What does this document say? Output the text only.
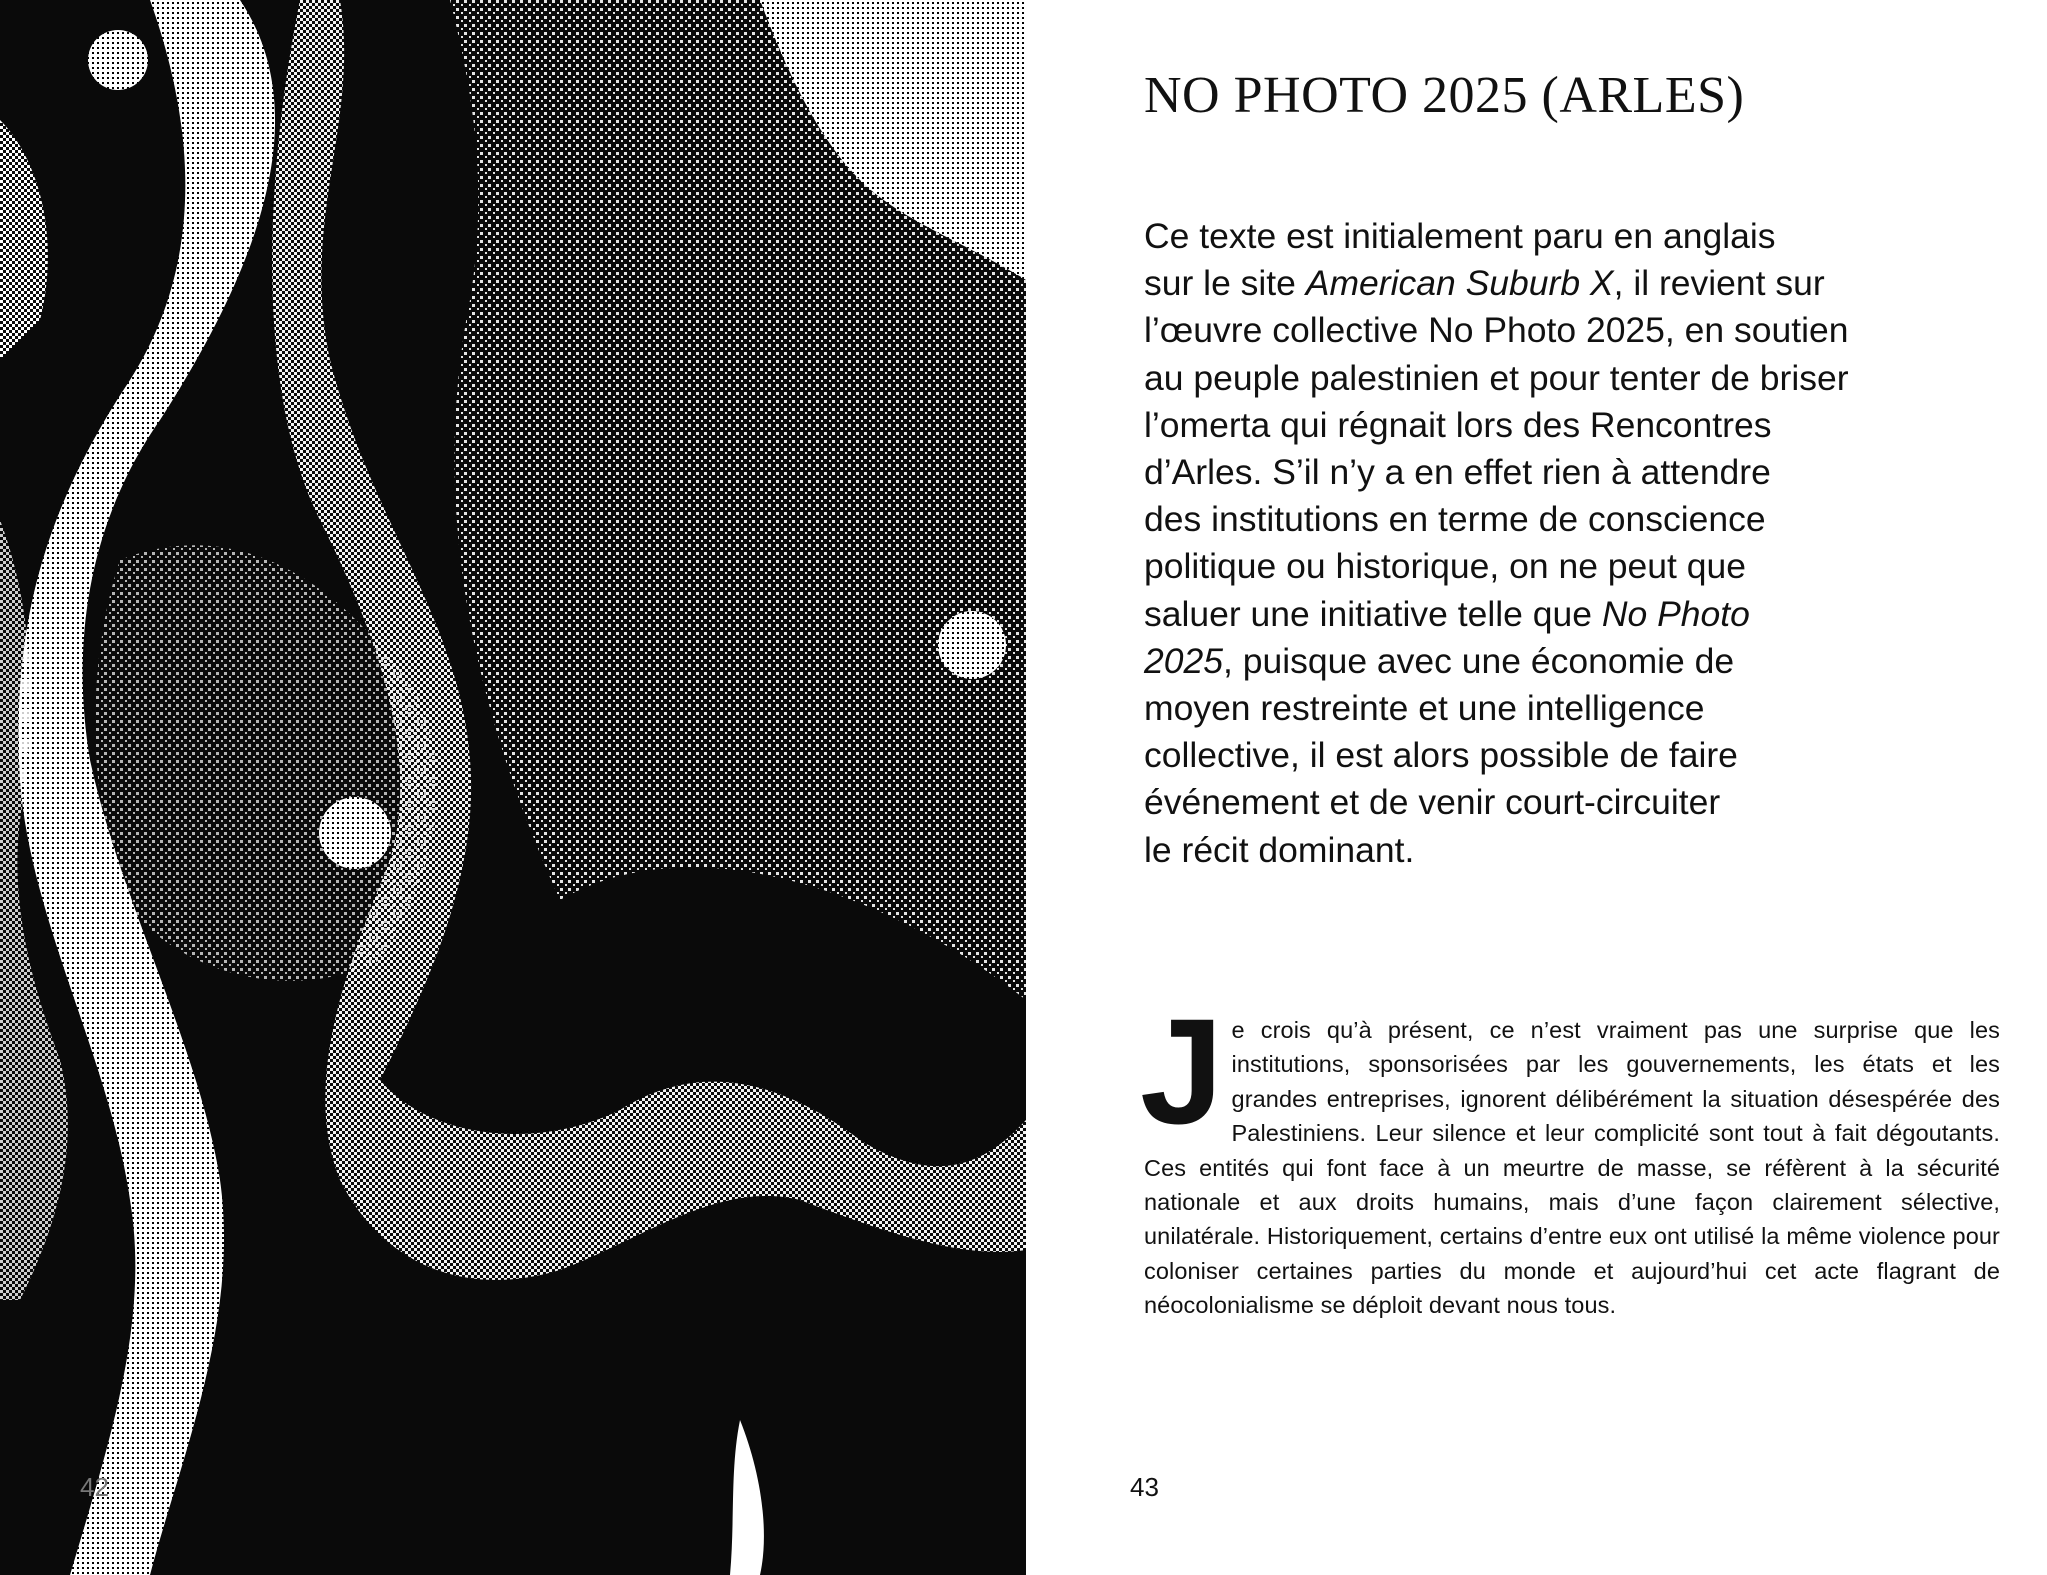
42
NO PHOTO 2025 (ARLES)

Ce texte est initialement paru en anglais
sur le site American Suburb X, il revient sur
l’œuvre collective No Photo 2025, en soutien
au peuple palestinien et pour tenter de briser
l’omerta qui régnait lors des Rencontres
d’Arles. S’il n’y a en effet rien à attendre
des institutions en terme de conscience
politique ou historique, on ne peut que
saluer une initiative telle que No Photo
2025, puisque avec une économie de
moyen restreinte et une intelligence
collective, il est alors possible de faire
événement et de venir court-circuiter
le récit dominant.

Je crois qu’à présent, ce n’est vraiment pas une surprise que les institutions, sponsorisées par les gouvernements, les états et les grandes entreprises, ignorent délibérément la situation désespérée des Palestiniens. Leur silence et leur complicité sont tout à fait dégoutants. Ces entités qui font face à un meurtre de masse, se réfèrent à la sécurité nationale et aux droits humains, mais d’une façon clairement sélective, unilatérale. Historiquement, certains d’entre eux ont utilisé la même violence pour coloniser certaines parties du monde et aujourd’hui cet acte flagrant de néocolonialisme se déploit devant nous tous.

43
